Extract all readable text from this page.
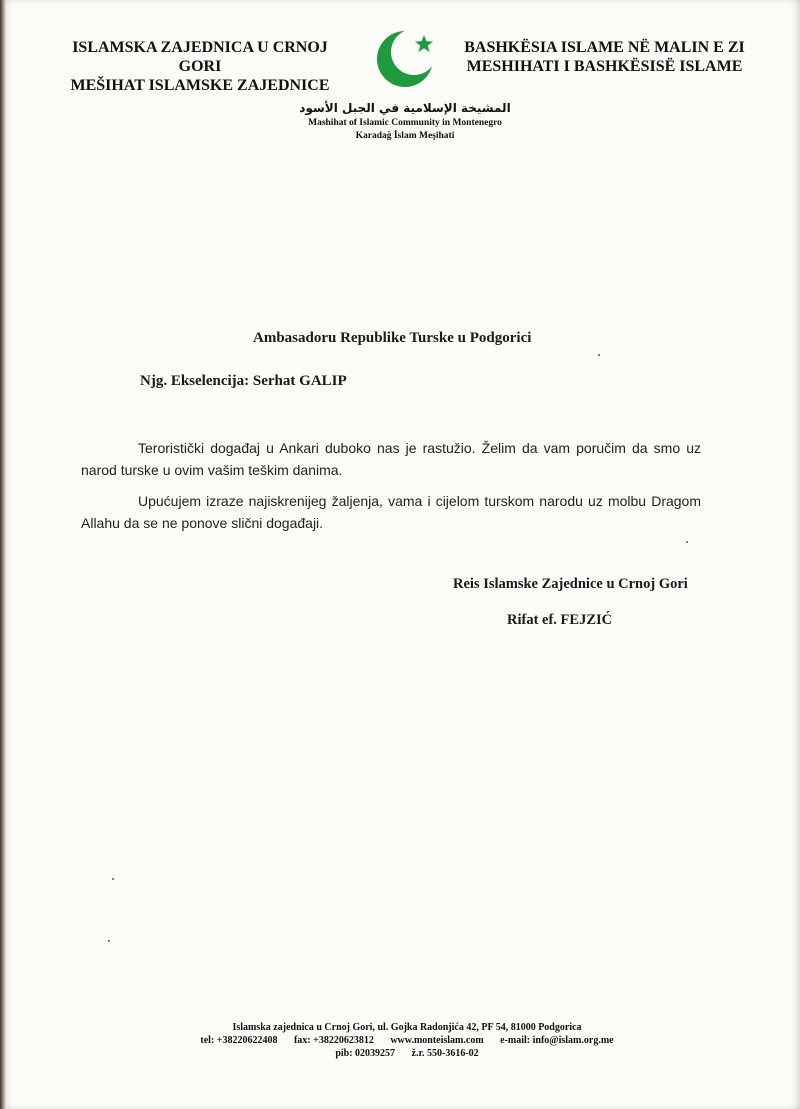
ISLAMSKA ZAJEDNICA U CRNOJ GORI
MEŠIHAT ISLAMSKE ZAJEDNICE
BASHKËSIA ISLAME NË MALIN E ZI
MESHIHATI I BASHKËSISË ISLAME
المشيخة الإسلامية في الجبل الأسود
Mashihat of Islamic Community in Montenegro
Karadağ İslam Meşihati
Ambasadoru Republike Turske u Podgorici
Njg. Ekselencija: Serhat GALIP

Teroristički događaj u Ankari duboko nas je rastužio. Želim da vam poručim da smo uz narod turske u ovim vašim teškim danima.

Upućujem izraze najiskrenijeg žaljenja, vama i cijelom turskom narodu uz molbu Dragom Allahu da se ne ponove slični događaji.

Reis Islamske Zajednice u Crnoj Gori
Rifat ef. FEJZIĆ
Islamska zajednica u Crnoj Gori, ul. Gojka Radonjića 42, PF 54, 81000 Podgorica
tel: +38220622408 fax: +38220623812 www.monteislam.com e-mail: info@islam.org.me
pib: 02039257 ž.r. 550-3616-02
